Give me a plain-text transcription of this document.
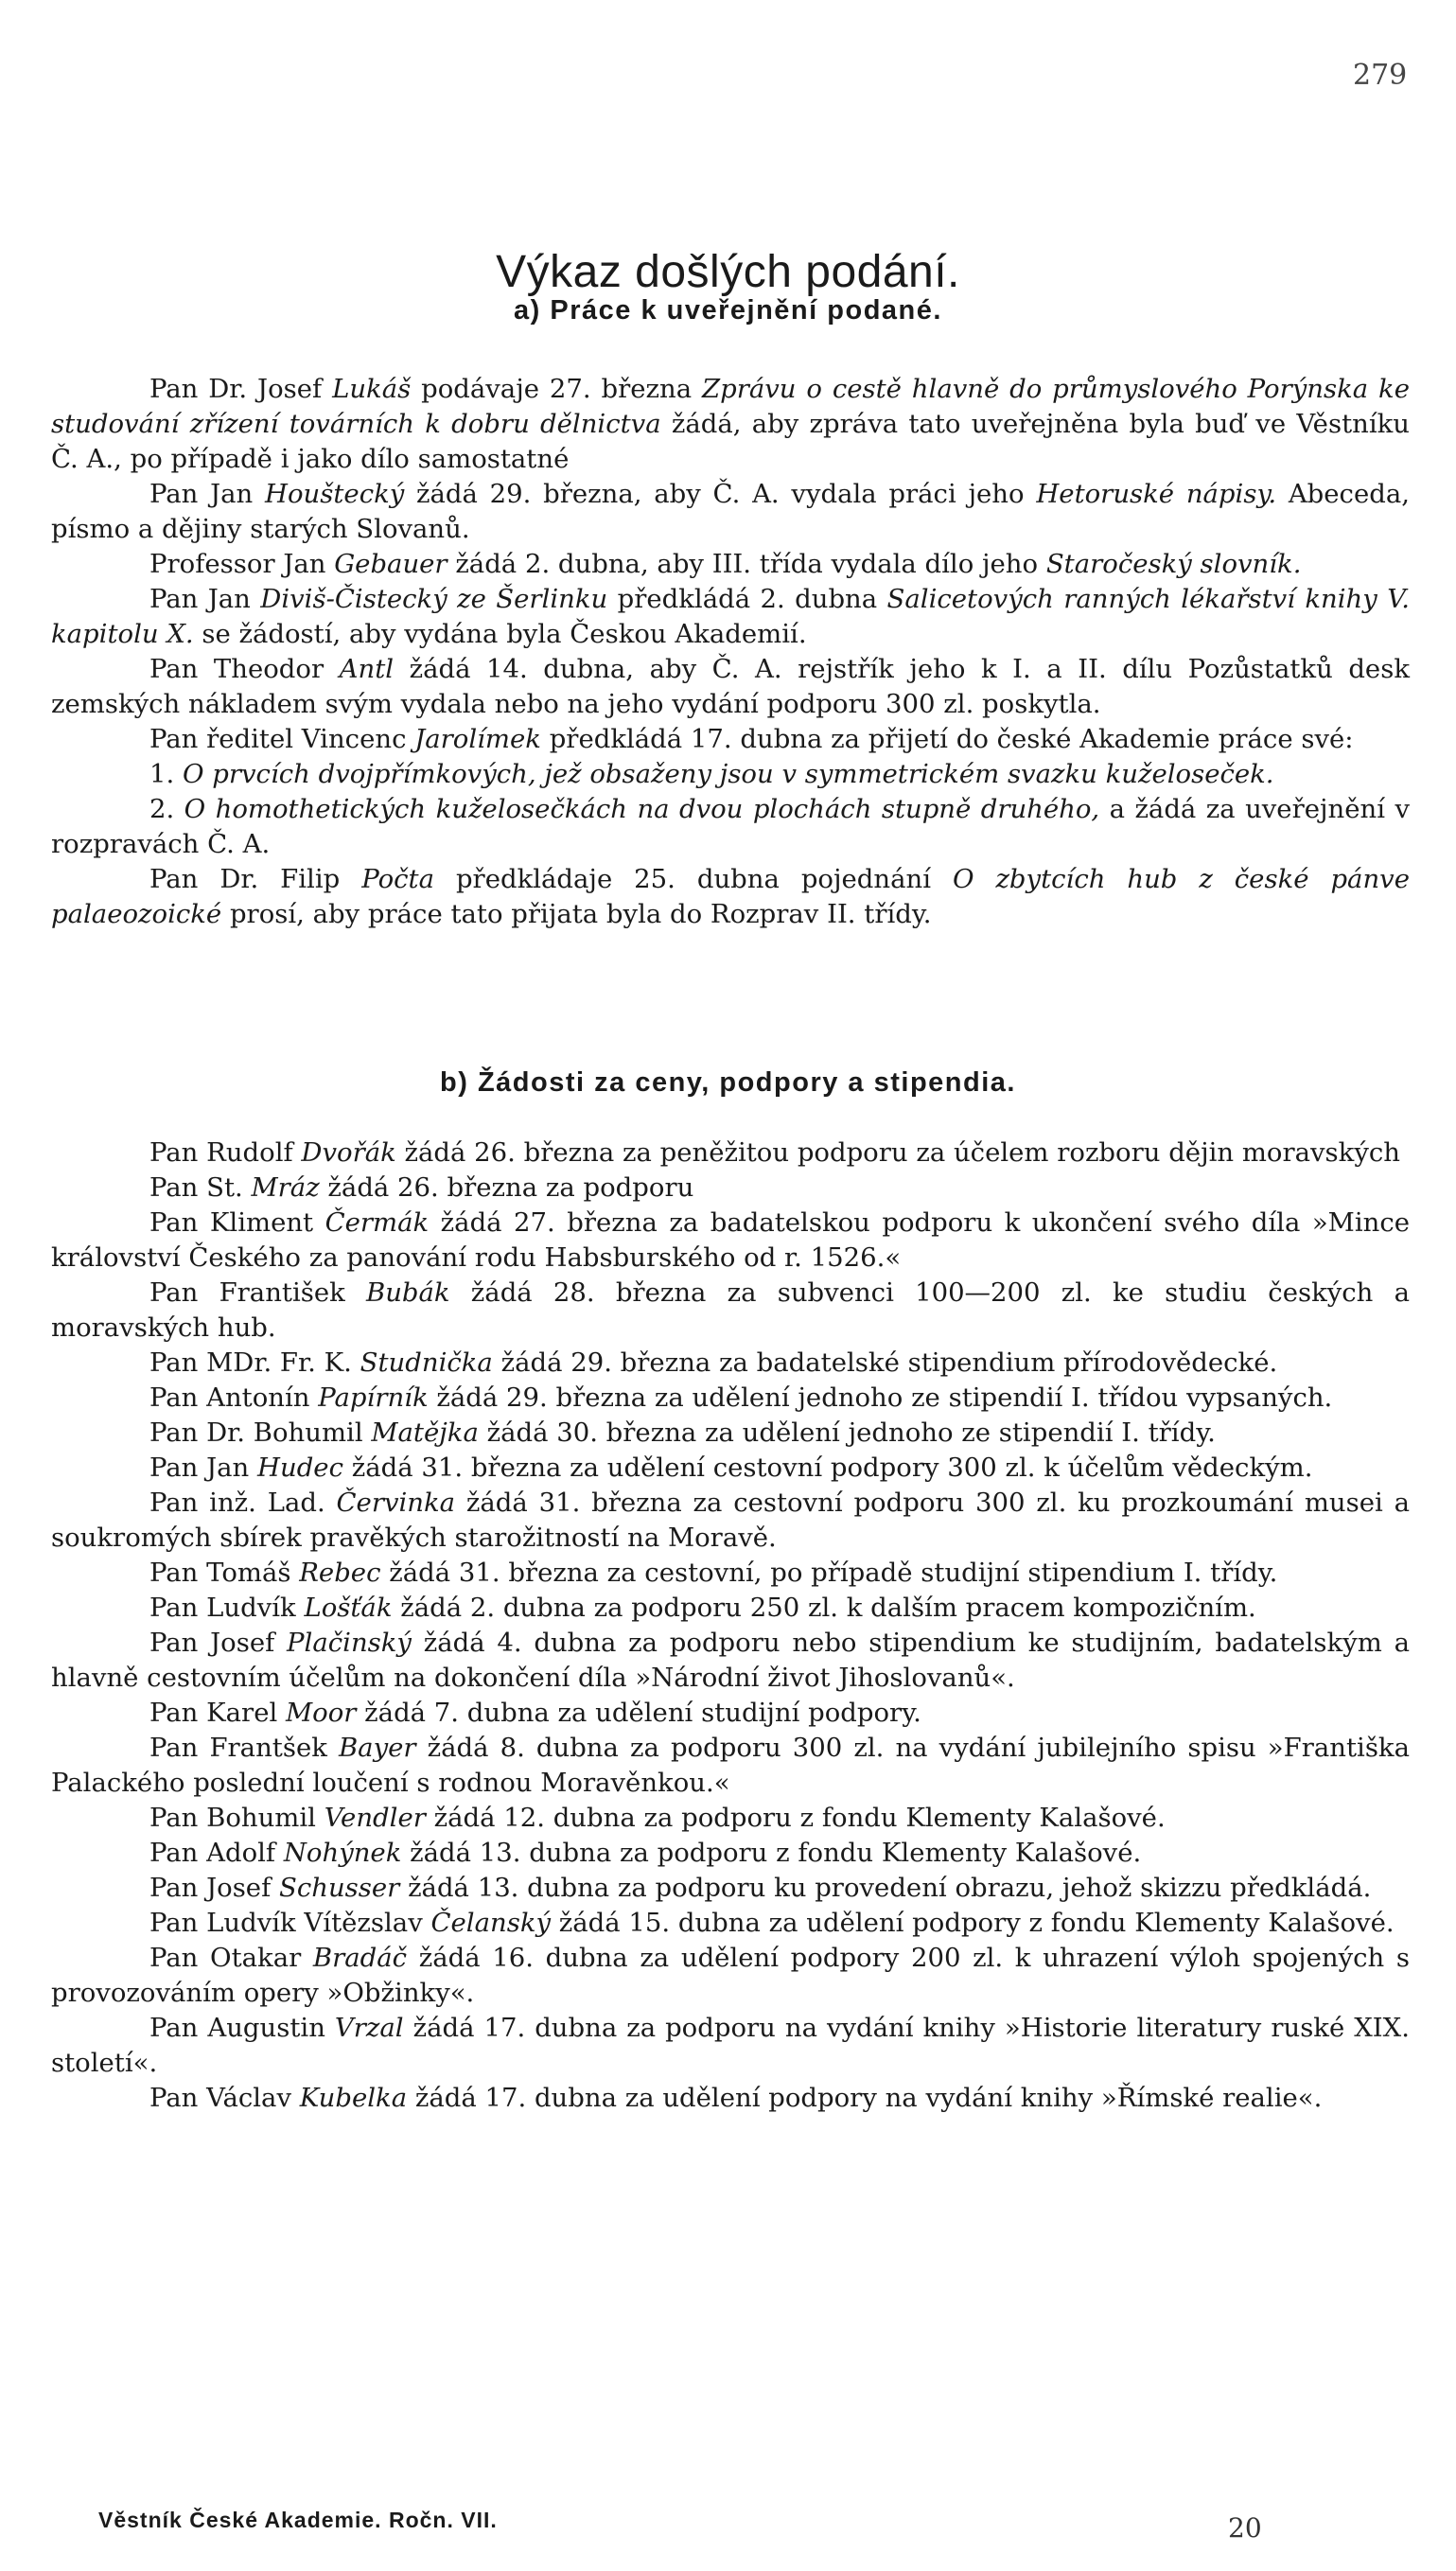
279
Výkaz došlých podání.
a) Práce k uveřejnění podané.

Pan Dr. Josef Lukáš podávaje 27. března Zprávu o cestě hlavně do průmyslového Porýnska ke studování zřízení továrních k dobru dělnictva žádá, aby zpráva tato uveřejněna byla buď ve Věstníku Č. A., po případě i jako dílo samostatné

Pan Jan Houštecký žádá 29. března, aby Č. A. vydala práci jeho Hetoruské nápisy. Abeceda, písmo a dějiny starých Slovanů.

Professor Jan Gebauer žádá 2. dubna, aby III. třída vydala dílo jeho Staročeský slovník.

Pan Jan Diviš-Čistecký ze Šerlinku předkládá 2. dubna Salicetových ranných lékařství knihy V. kapitolu X. se žádostí, aby vydána byla Českou Akademií.

Pan Theodor Antl žádá 14. dubna, aby Č. A. rejstřík jeho k I. a II. dílu Pozůstatků desk zemských nákladem svým vydala nebo na jeho vydání podporu 300 zl. poskytla.

Pan ředitel Vincenc Jarolímek předkládá 17. dubna za přijetí do české Akademie práce své:

1. O prvcích dvojpřímkových, jež obsaženy jsou v symmetrickém svazku kuželoseček.

2. O homothetických kuželosečkách na dvou plochách stupně druhého, a žádá za uveřejnění v rozpravách Č. A.

Pan Dr. Filip Počta předkládaje 25. dubna pojednání O zbytcích hub z české pánve palaeozoické prosí, aby práce tato přijata byla do Rozprav II. třídy.

b) Žádosti za ceny, podpory a stipendia.

Pan Rudolf Dvořák žádá 26. března za peněžitou podporu za účelem rozboru dějin moravských

Pan St. Mráz žádá 26. března za podporu

Pan Kliment Čermák žádá 27. března za badatelskou podporu k ukončení svého díla »Mince království Českého za panování rodu Habsburského od r. 1526.«

Pan František Bubák žádá 28. března za subvenci 100—200 zl. ke studiu českých a moravských hub.

Pan MDr. Fr. K. Studnička žádá 29. března za badatelské stipendium přírodovědecké.

Pan Antonín Papírník žádá 29. března za udělení jednoho ze stipendií I. třídou vypsaných.

Pan Dr. Bohumil Matějka žádá 30. března za udělení jednoho ze stipendií I. třídy.

Pan Jan Hudec žádá 31. března za udělení cestovní podpory 300 zl. k účelům vědeckým.

Pan inž. Lad. Červinka žádá 31. března za cestovní podporu 300 zl. ku prozkoumání musei a soukromých sbírek pravěkých starožitností na Moravě.

Pan Tomáš Rebec žádá 31. března za cestovní, po případě studijní stipendium I. třídy.

Pan Ludvík Lošťák žádá 2. dubna za podporu 250 zl. k dalším pracem kompozičním.

Pan Josef Plačinský žádá 4. dubna za podporu nebo stipendium ke studijním, badatelským a hlavně cestovním účelům na dokončení díla »Národní život Jihoslovanů«.

Pan Karel Moor žádá 7. dubna za udělení studijní podpory.

Pan Frantšek Bayer žádá 8. dubna za podporu 300 zl. na vydání jubilejního spisu »Františka Palackého poslední loučení s rodnou Moravěnkou.«

Pan Bohumil Vendler žádá 12. dubna za podporu z fondu Klementy Kalašové.

Pan Adolf Nohýnek žádá 13. dubna za podporu z fondu Klementy Kalašové.

Pan Josef Schusser žádá 13. dubna za podporu ku provedení obrazu, jehož skizzu předkládá.

Pan Ludvík Vítězslav Čelanský žádá 15. dubna za udělení podpory z fondu Klementy Kalašové.

Pan Otakar Bradáč žádá 16. dubna za udělení podpory 200 zl. k uhrazení výloh spojených s provozováním opery »Obžinky«.

Pan Augustin Vrzal žádá 17. dubna za podporu na vydání knihy »Historie literatury ruské XIX. století«.

Pan Václav Kubelka žádá 17. dubna za udělení podpory na vydání knihy »Římské realie«.

Věstník České Akademie. Ročn. VII.	20
